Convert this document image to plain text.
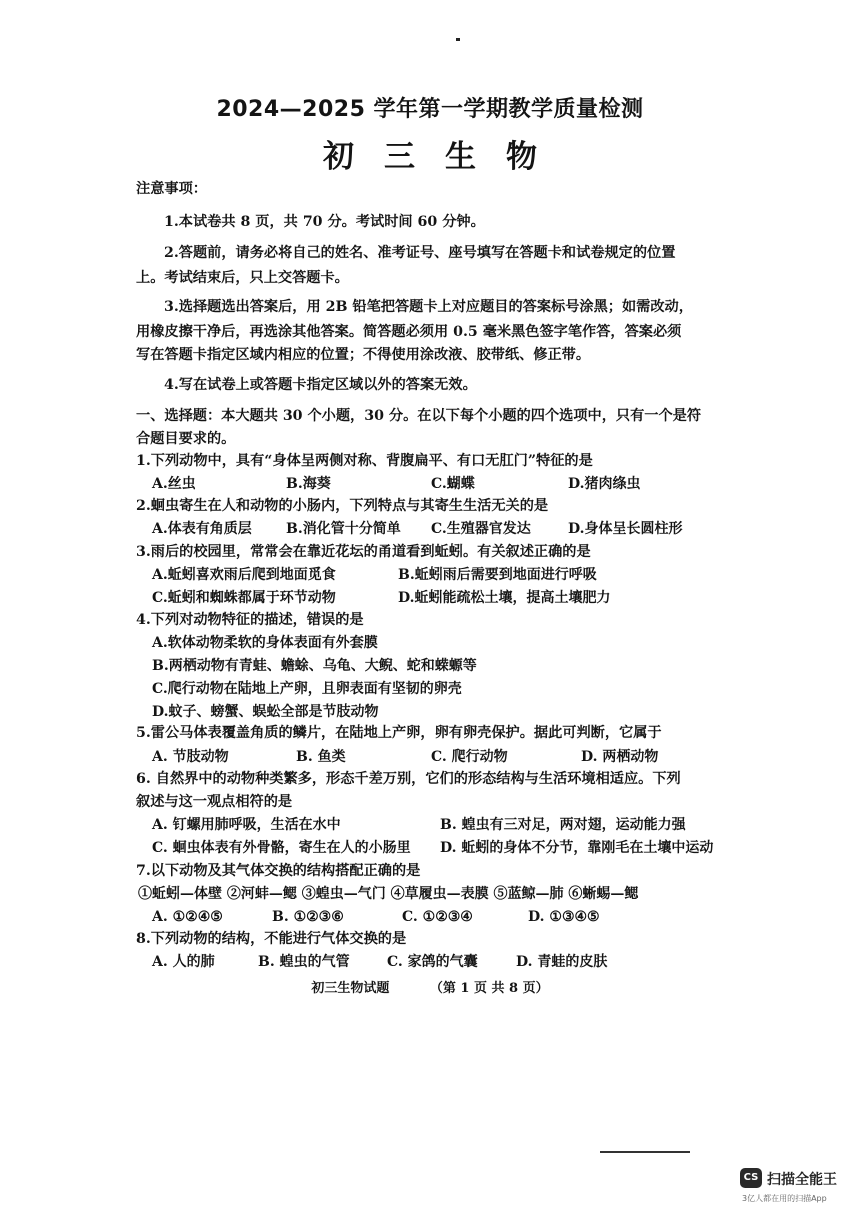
2024—2025 学年第一学期教学质量检测
初三生物
注意事项：
1.本试卷共 8 页，共 70 分。考试时间 60 分钟。
2.答题前，请务必将自己的姓名、准考证号、座号填写在答题卡和试卷规定的位置
上。考试结束后，只上交答题卡。
3.选择题选出答案后，用 2B 铅笔把答题卡上对应题目的答案标号涂黑；如需改动，
用橡皮擦干净后，再选涂其他答案。简答题必须用 0.5 毫米黑色签字笔作答，答案必须
写在答题卡指定区域内相应的位置；不得使用涂改液、胶带纸、修正带。
4.写在试卷上或答题卡指定区域以外的答案无效。
一、选择题：本大题共 30 个小题，30 分。在以下每个小题的四个选项中，只有一个是符
合题目要求的。
1.下列动物中，具有“身体呈两侧对称、背腹扁平、有口无肛门”特征的是
A.丝虫	B.海葵	C.蝴蝶	D.猪肉绦虫
2.蛔虫寄生在人和动物的小肠内，下列特点与其寄生生活无关的是
A.体表有角质层 B.消化管十分简单 C.生殖器官发达	D.身体呈长圆柱形
3.雨后的校园里，常常会在靠近花坛的甬道看到蚯蚓。有关叙述正确的是
A.蚯蚓喜欢雨后爬到地面觅食	B.蚯蚓雨后需要到地面进行呼吸
C.蚯蚓和蜘蛛都属于环节动物	D.蚯蚓能疏松土壤，提高土壤肥力
4.下列对动物特征的描述，错误的是
A.软体动物柔软的身体表面有外套膜
B.两栖动物有青蛙、蟾蜍、乌龟、大鲵、蛇和蝾螈等
C.爬行动物在陆地上产卵，且卵表面有坚韧的卵壳
D.蚊子、螃蟹、蜈蚣全部是节肢动物
5.雷公马体表覆盖角质的鳞片，在陆地上产卵，卵有卵壳保护。据此可判断，它属于
A. 节肢动物	B. 鱼类	C. 爬行动物	D. 两栖动物
6. 自然界中的动物种类繁多，形态千差万别，它们的形态结构与生活环境相适应。下列
叙述与这一观点相符的是
A. 钉螺用肺呼吸，生活在水中	B. 蝗虫有三对足，两对翅，运动能力强
C. 蛔虫体表有外骨骼，寄生在人的小肠里 D. 蚯蚓的身体不分节，靠刚毛在土壤中运动
7.以下动物及其气体交换的结构搭配正确的是
①蚯蚓—体壁 ②河蚌—鳃 ③蝗虫—气门 ④草履虫—表膜 ⑤蓝鲸—肺 ⑥蜥蜴—鳃
A. ①②④⑤	B. ①②③⑥	C. ①②③④	D. ①③④⑤
8.下列动物的结构，不能进行气体交换的是
A. 人的肺	B. 蝗虫的气管	C. 家鸽的气囊	D. 青蛙的皮肤
初三生物试题	（第 1 页 共 8 页）
CS 扫描全能王
3亿人都在用的扫描App
